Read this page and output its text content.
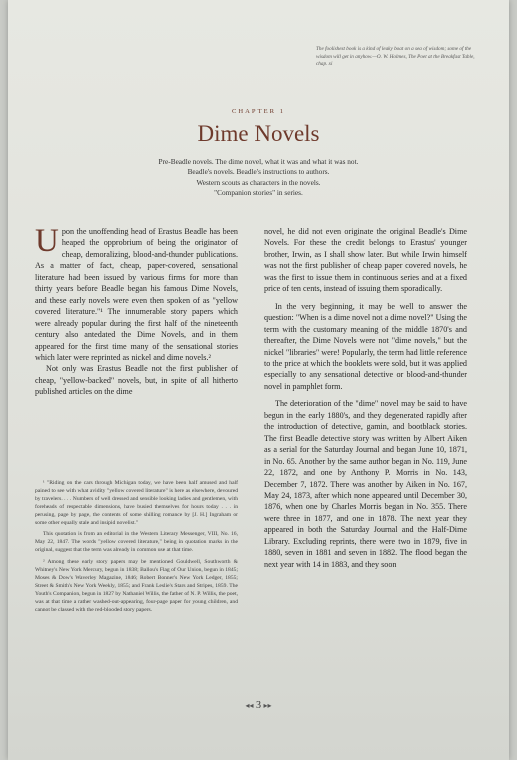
The foolishest book is a kind of leaky boat on a sea of wisdom; some of the wisdom will get in anyhow.—O. W. Holmes, The Poet at the Breakfast Table, chap. xi
CHAPTER 1
Dime Novels
Pre-Beadle novels. The dime novel, what it was and what it was not.
Beadle's novels. Beadle's instructions to authors.
Western scouts as characters in the novels.
"Companion stories" in series.

U pon the unoffending head of Erastus Beadle has been heaped the opprobrium of being the originator of cheap, demoralizing, blood-and-thunder publications. As a matter of fact, cheap, paper-covered, sensational literature had been issued by various firms for more than thirty years before Beadle began his famous Dime Novels, and these early novels were even then spoken of as "yellow covered literature."¹ The innumerable story papers which were already popular during the first half of the nineteenth century also antedated the Dime Novels, and in them appeared for the first time many of the sensational stories which later were reprinted as nickel and dime novels.²

Not only was Erastus Beadle not the first publisher of cheap, "yellow-backed" novels, but, in spite of all hitherto published articles on the dime

¹ "Riding on the cars through Michigan today, we have been half amused and half pained to see with what avidity "yellow covered literature" is here as elsewhere, devoured by travelers. . . . Numbers of well dressed and sensible looking ladies and gentlemen, with foreheads of respectable dimensions, have busied themselves for hours today . . . in perusing, page by page, the contents of some shilling romance by [J. H.] Ingraham or some other equally stale and insipid novelist."

This quotation is from an editorial in the Western Literary Messenger, VIII, No. 16, May 22, 1847. The words "yellow covered literature," being in quotation marks in the original, suggest that the term was already in common use at that time.

² Among these early story papers may be mentioned Gouldwell, Southworth & Whitney's New York Mercury, begun in 1838; Ballou's Flag of Our Union, begun in 1845; Moses & Dow's Waverley Magazine, 1846; Robert Bonner's New York Ledger, 1855; Street & Smith's New York Weekly, 1855; and Frank Leslie's Stars and Stripes, 1859. The Youth's Companion, begun in 1827 by Nathaniel Willis, the father of N. P. Willis, the poet, was at that time a rather washed-out-appearing, four-page paper for young children, and cannot be classed with the red-blooded story papers.

novel, he did not even originate the original Beadle's Dime Novels. For these the credit belongs to Erastus' younger brother, Irwin, as I shall show later. But while Irwin himself was not the first publisher of cheap paper covered novels, he was the first to issue them in continuous series and at a fixed price of ten cents, instead of issuing them sporadically.

In the very beginning, it may be well to answer the question: "When is a dime novel not a dime novel?" Using the term with the customary meaning of the middle 1870's and thereafter, the Dime Novels were not "dime novels," but the nickel "libraries" were! Popularly, the term had little reference to the price at which the booklets were sold, but it was applied especially to any sensational detective or blood-and-thunder novel in pamphlet form.

The deterioration of the "dime" novel may be said to have begun in the early 1880's, and they degenerated rapidly after the introduction of detective, gamin, and bootblack stories. The first Beadle detective story was written by Albert Aiken as a serial for the Saturday Journal and began June 10, 1871, in No. 65. Another by the same author began in No. 119, June 22, 1872, and one by Anthony P. Morris in No. 143, December 7, 1872. There was another by Aiken in No. 167, May 24, 1873, after which none appeared until December 30, 1876, when one by Charles Morris began in No. 355. There were three in 1877, and one in 1878. The next year they appeared in both the Saturday Journal and the Half-Dime Library. Excluding reprints, there were two in 1879, five in 1880, seven in 1881 and seven in 1882. The flood began the next year with 14 in 1883, and they soon

◂◂ 3 ▸▸
